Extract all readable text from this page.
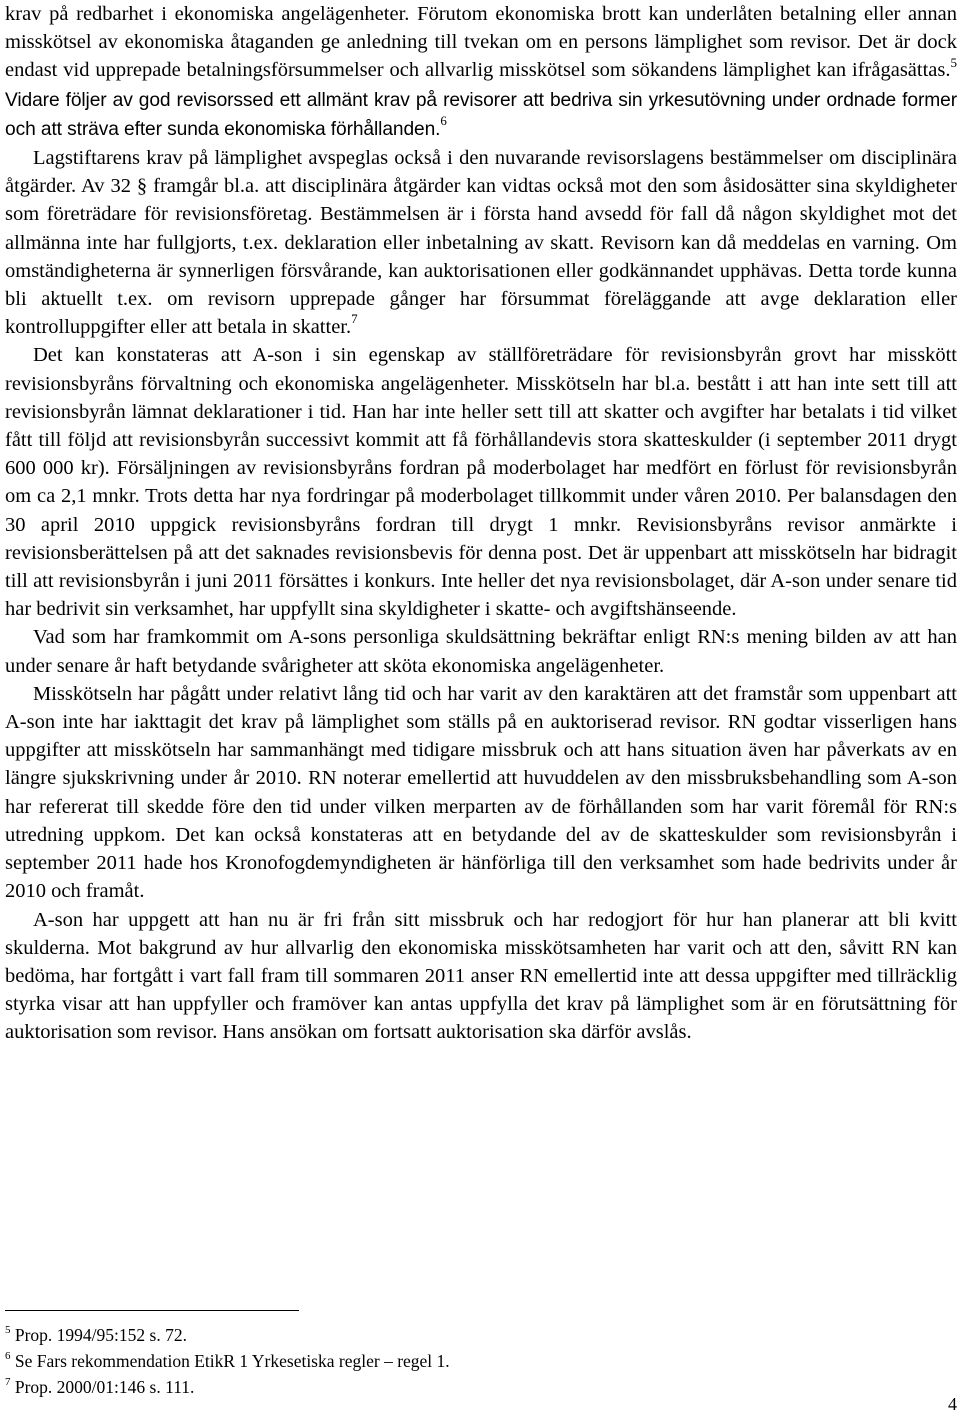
krav på redbarhet i ekonomiska angelägenheter. Förutom ekonomiska brott kan underlåten betalning eller annan misskötsel av ekonomiska åtaganden ge anledning till tvekan om en persons lämplighet som revisor. Det är dock endast vid upprepade betalningsförsummelser och allvarlig misskötsel som sökandens lämplighet kan ifrågasättas.$^5$ Vidare följer av god revisorssed ett allmänt krav på revisorer att bedriva sin yrkesutövning under ordnade former och att sträva efter sunda ekonomiska förhållanden.$^6$

Lagstiftarens krav på lämplighet avspeglas också i den nuvarande revisorslagens bestämmelser om disciplinära åtgärder. Av 32 § framgår bl.a. att disciplinära åtgärder kan vidtas också mot den som åsidosätter sina skyldigheter som företrädare för revisionsföretag. Bestämmelsen är i första hand avsedd för fall då någon skyldighet mot det allmänna inte har fullgjorts, t.ex. deklaration eller inbetalning av skatt. Revisorn kan då meddelas en varning. Om omständigheterna är synnerligen försvårande, kan auktorisationen eller godkännandet upphävas. Detta torde kunna bli aktuellt t.ex. om revisorn upprepade gånger har försummat föreläggande att avge deklaration eller kontrolluppgifter eller att betala in skatter.$^7$

Det kan konstateras att A-son i sin egenskap av ställföreträdare för revisionsbyrån grovt har misskött revisionsbyråns förvaltning och ekonomiska angelägenheter. Misskötseln har bl.a. bestått i att han inte sett till att revisionsbyrån lämnat deklarationer i tid. Han har inte heller sett till att skatter och avgifter har betalats i tid vilket fått till följd att revisionsbyrån successivt kommit att få förhållandevis stora skatteskulder (i september 2011 drygt 600 000 kr). Försäljningen av revisionsbyråns fordran på moderbolaget har medfört en förlust för revisionsbyrån om ca 2,1 mnkr. Trots detta har nya fordringar på moderbolaget tillkommit under våren 2010. Per balansdagen den 30 april 2010 uppgick revisionsbyråns fordran till drygt 1 mnkr. Revisionsbyråns revisor anmärkte i revisionsberättelsen på att det saknades revisionsbevis för denna post. Det är uppenbart att misskötseln har bidragit till att revisionsbyrån i juni 2011 försättes i konkurs. Inte heller det nya revisionsbolaget, där A-son under senare tid har bedrivit sin verksamhet, har uppfyllt sina skyldigheter i skatte- och avgiftshänseende.

Vad som har framkommit om A-sons personliga skuldsättning bekräftar enligt RN:s mening bilden av att han under senare år haft betydande svårigheter att sköta ekonomiska angelägenheter.

Misskötseln har pågått under relativt lång tid och har varit av den karaktären att det framstår som uppenbart att A-son inte har iakttagit det krav på lämplighet som ställs på en auktoriserad revisor. RN godtar visserligen hans uppgifter att misskötseln har sammanhängt med tidigare missbruk och att hans situation även har påverkats av en längre sjukskrivning under år 2010. RN noterar emellertid att huvuddelen av den missbruksbehandling som A-son har refererat till skedde före den tid under vilken merparten av de förhållanden som har varit föremål för RN:s utredning uppkom. Det kan också konstateras att en betydande del av de skatteskulder som revisionsbyrån i september 2011 hade hos Kronofogdemyndigheten är hänförliga till den verksamhet som hade bedrivits under år 2010 och framåt.

A-son har uppgett att han nu är fri från sitt missbruk och har redogjort för hur han planerar att bli kvitt skulderna. Mot bakgrund av hur allvarlig den ekonomiska misskötsamheten har varit och att den, såvitt RN kan bedöma, har fortgått i vart fall fram till sommaren 2011 anser RN emellertid inte att dessa uppgifter med tillräcklig styrka visar att han uppfyller och framöver kan antas uppfylla det krav på lämplighet som är en förutsättning för auktorisation som revisor. Hans ansökan om fortsatt auktorisation ska därför avslås.

$^5$ Prop. 1994/95:152 s. 72.

$^6$ Se Fars rekommendation EtikR 1 Yrkesetiska regler – regel 1.

$^7$ Prop. 2000/01:146 s. 111.

4
